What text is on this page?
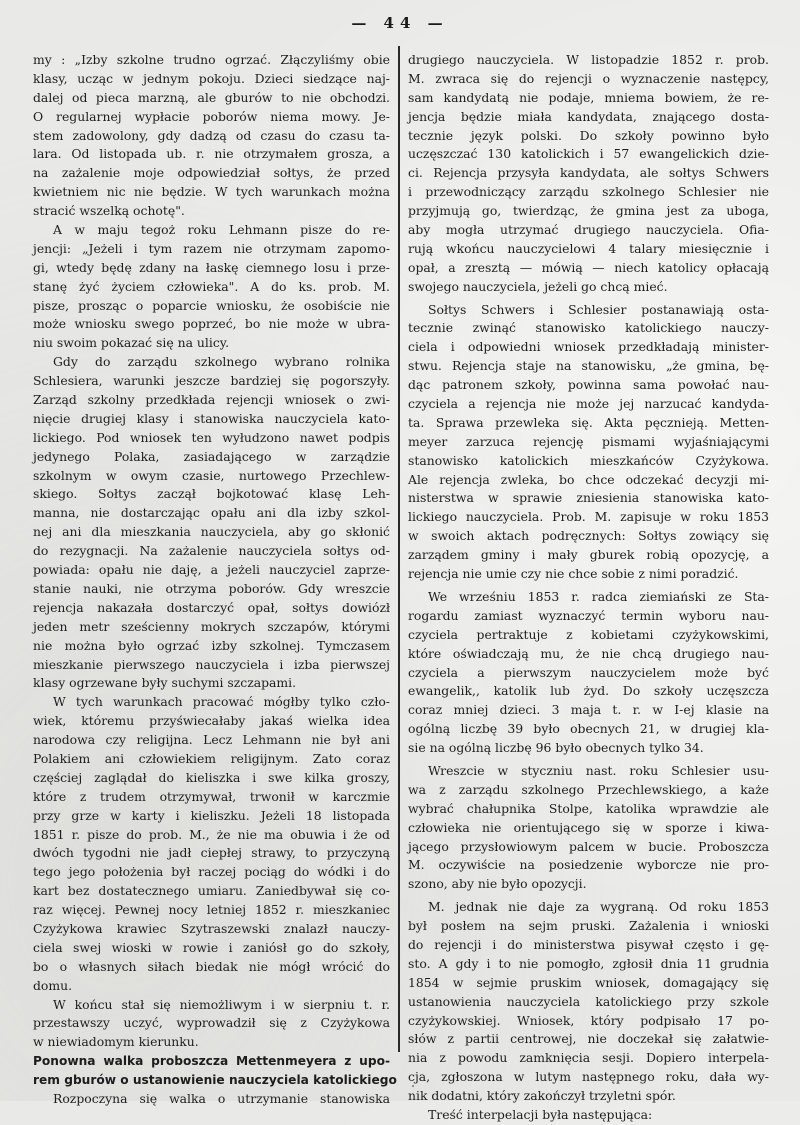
— 44 —
my : „Izby szkolne trudno ogrzać. Złączyliśmy obie
klasy, ucząc w jednym pokoju. Dzieci siedzące naj-
dalej od pieca marzną, ale gburów to nie obchodzi.
O regularnej wypłacie poborów niema mowy. Je-
stem zadowolony, gdy dadzą od czasu do czasu ta-
lara. Od listopada ub. r. nie otrzymałem grosza, a
na zażalenie moje odpowiedział sołtys, że przed
kwietniem nic nie będzie. W tych warunkach można
stracić wszelką ochotę".
A w maju tegoż roku Lehmann pisze do re-
jencji: „Jeżeli i tym razem nie otrzymam zapomo-
gi, wtedy będę zdany na łaskę ciemnego losu i prze-
stanę żyć życiem człowieka". A do ks. prob. M.
pisze, prosząc o poparcie wniosku, że osobiście nie
może wniosku swego poprzeć, bo nie może w ubra-
niu swoim pokazać się na ulicy.
Gdy do zarządu szkolnego wybrano rolnika
Schlesiera, warunki jeszcze bardziej się pogorszyły.
Zarząd szkolny przedkłada rejencji wniosek o zwi-
nięcie drugiej klasy i stanowiska nauczyciela kato-
lickiego. Pod wniosek ten wyłudzono nawet podpis
jedynego Polaka, zasiadającego w zarządzie
szkolnym w owym czasie, nurtowego Przechlew-
skiego. Sołtys zaczął bojkotować klasę Leh-
manna, nie dostarczając opału ani dla izby szkol-
nej ani dla mieszkania nauczyciela, aby go skłonić
do rezygnacji. Na zażalenie nauczyciela sołtys od-
powiada: opału nie daję, a jeżeli nauczyciel zaprze-
stanie nauki, nie otrzyma poborów. Gdy wreszcie
rejencja nakazała dostarczyć opał, sołtys dowiózł
jeden metr sześcienny mokrych szczapów, którymi
nie można było ogrzać izby szkolnej. Tymczasem
mieszkanie pierwszego nauczyciela i izba pierwszej
klasy ogrzewane były suchymi szczapami.
W tych warunkach pracować mógłby tylko czło-
wiek, któremu przyświecałaby jakaś wielka idea
narodowa czy religijna. Lecz Lehmann nie był ani
Polakiem ani człowiekiem religijnym. Zato coraz
częściej zaglądał do kieliszka i swe kilka groszy,
które z trudem otrzymywał, trwonił w karczmie
przy grze w karty i kieliszku. Jeżeli 18 listopada
1851 r. pisze do prob. M., że nie ma obuwia i że od
dwóch tygodni nie jadł ciepłej strawy, to przyczyną
tego jego położenia był raczej pociąg do wódki i do
kart bez dostatecznego umiaru. Zaniedbywał się co-
raz więcej. Pewnej nocy letniej 1852 r. mieszkaniec
Czyżykowa krawiec Szytraszewski znalazł nauczy-
ciela swej wioski w rowie i zaniósł go do szkoły,
bo o własnych siłach biedak nie mógł wrócić do
domu.
W końcu stał się niemożliwym i w sierpniu t. r.
przestawszy uczyć, wyprowadził się z Czyżykowa
w niewiadomym kierunku.
Ponowna walka proboszcza Mettenmeyera z upo-
rem gburów o ustanowienie nauczyciela katolickiego
Rozpoczyna się walka o utrzymanie stanowiska
drugiego nauczyciela. W listopadzie 1852 r. prob.
M. zwraca się do rejencji o wyznaczenie następcy,
sam kandydatą nie podaje, mniema bowiem, że re-
jencja będzie miała kandydata, znającego dosta-
tecznie język polski. Do szkoły powinno było
uczęszczać 130 katolickich i 57 ewangelickich dzie-
ci. Rejencja przysyła kandydata, ale sołtys Schwers
i przewodniczący zarządu szkolnego Schlesier nie
przyjmują go, twierdząc, że gmina jest za uboga,
aby mogła utrzymać drugiego nauczyciela. Ofia-
rują wkońcu nauczycielowi 4 talary miesięcznie i
opał, a zresztą — mówią — niech katolicy opłacają
swojego nauczyciela, jeżeli go chcą mieć.
Sołtys Schwers i Schlesier postanawiają osta-
tecznie zwinąć stanowisko katolickiego nauczy-
ciela i odpowiedni wniosek przedkładają minister-
stwu. Rejencja staje na stanowisku, „że gmina, bę-
dąc patronem szkoły, powinna sama powołać nau-
czyciela a rejencja nie może jej narzucać kandyda-
ta. Sprawa przewleka się. Akta pęcznieją. Metten-
meyer zarzuca rejencję pismami wyjaśniającymi
stanowisko katolickich mieszkańców Czyżykowa.
Ale rejencja zwleka, bo chce odczekać decyzji mi-
nisterstwa w sprawie zniesienia stanowiska kato-
lickiego nauczyciela. Prob. M. zapisuje w roku 1853
w swoich aktach podręcznych: Sołtys zowiący się
zarządem gminy i mały gburek robią opozycję, a
rejencja nie umie czy nie chce sobie z nimi poradzić.
We wrześniu 1853 r. radca ziemiański ze Sta-
rogardu zamiast wyznaczyć termin wyboru nau-
czyciela pertraktuje z kobietami czyżykowskimi,
które oświadczają mu, że nie chcą drugiego nau-
czyciela a pierwszym nauczycielem może być
ewangelik,, katolik lub żyd. Do szkoły uczęszcza
coraz mniej dzieci. 3 maja t. r. w I-ej klasie na
ogólną liczbę 39 było obecnych 21, w drugiej kla-
sie na ogólną liczbę 96 było obecnych tylko 34.
Wreszcie w styczniu nast. roku Schlesier usu-
wa z zarządu szkolnego Przechlewskiego, a każe
wybrać chałupnika Stolpe, katolika wprawdzie ale
człowieka nie orientującego się w sporze i kiwa-
jącego przysłowiowym palcem w bucie. Proboszcza
M. oczywiście na posiedzenie wyborcze nie pro-
szono, aby nie było opozycji.
M. jednak nie daje za wygraną. Od roku 1853
był posłem na sejm pruski. Zażalenia i wnioski
do rejencji i do ministerstwa pisywał często i gę-
sto. A gdy i to nie pomogło, zgłosił dnia 11 grudnia
1854 w sejmie pruskim wniosek, domagający się
ustanowienia nauczyciela katolickiego przy szkole
czyżykowskiej. Wniosek, który podpisało 17 po-
słów z partii centrowej, nie doczekał się załatwie-
nia z powodu zamknięcia sesji. Dopiero interpela-
cja, zgłoszona w lutym następnego roku, dała wy-
nik dodatni, który zakończył trzyletni spór.
Treść interpelacji była następująca:
